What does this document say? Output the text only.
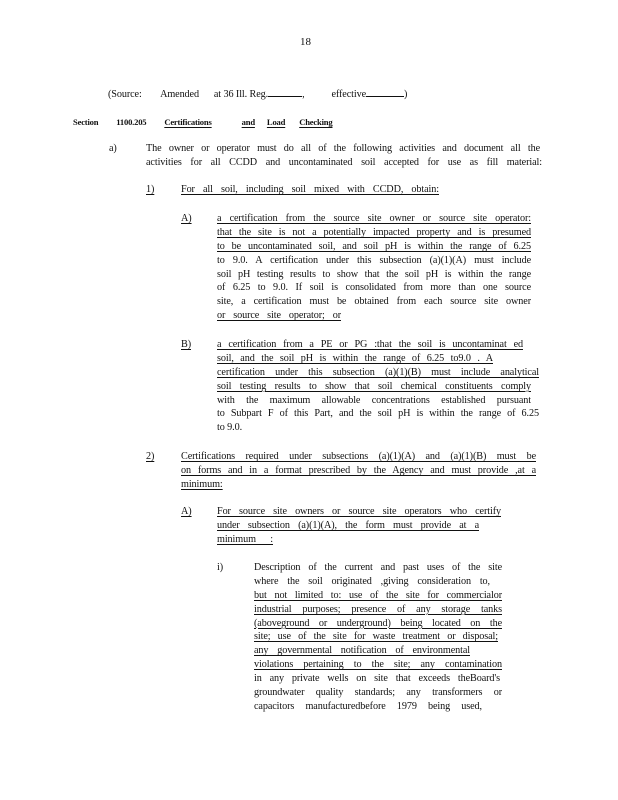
18
(Source: Amended at 36 Ill. Reg.	,	effective	)
Section 1100.205 Certifications	and Load Checking
a)	The owner or operator must do all of the following activities and document all the
activities for all CCDD and uncontaminated soil accepted for use as fill material:
1)	For all soil, including soil mixed with CCDD, obtain:
A) a certification from the source site owner or source site operator:
that the site is not a potentially impacted property and is presumed
to be uncontaminated soil, and soil pH is within the range of 6.25
to 9.0. A certification under this subsection (a)(1)(A) must include
soil pH testing results to show that the soil pH is within the range
of 6.25 to 9.0. If soil is consolidated from more than one source
site, a certification must be obtained from each source site owner
or source site operator; or
B)	a certification from a PE or PG :that the soil is uncontaminat ed
soil, and the soil pH is within the range of 6.25 to9.0 . A
certification under this subsection (a)(1)(B) must include analytical
soil testing results to show that soil chemical constituents comply
with the maximum allowable concentrations established pursuant
to Subpart F of this Part, and the soil pH is within the range of 6.25
to 9.0.
2)	Certifications required under subsections (a)(1)(A) and (a)(1)(B) must be
on forms and in a format prescribed by the Agency and must provide ,at a
minimum:
A) For source site owners or source site operators who certify
under subsection (a)(1)(A), the form must provide at a
minimum :
i)	Description of the current and past uses of the site
where the soil originated ,giving consideration to,
but not limited to: use of the site for commercialor
industrial purposes; presence of any storage tanks
(aboveground or underground) being located on the
site; use of the site for waste treatment or disposal;
any governmental notification of environmental
violations pertaining to the site; any contamination
in any private wells on site that exceeds theBoard's
groundwater quality standards; any transformers or
capacitors manufacturedbefore 1979 being used,
